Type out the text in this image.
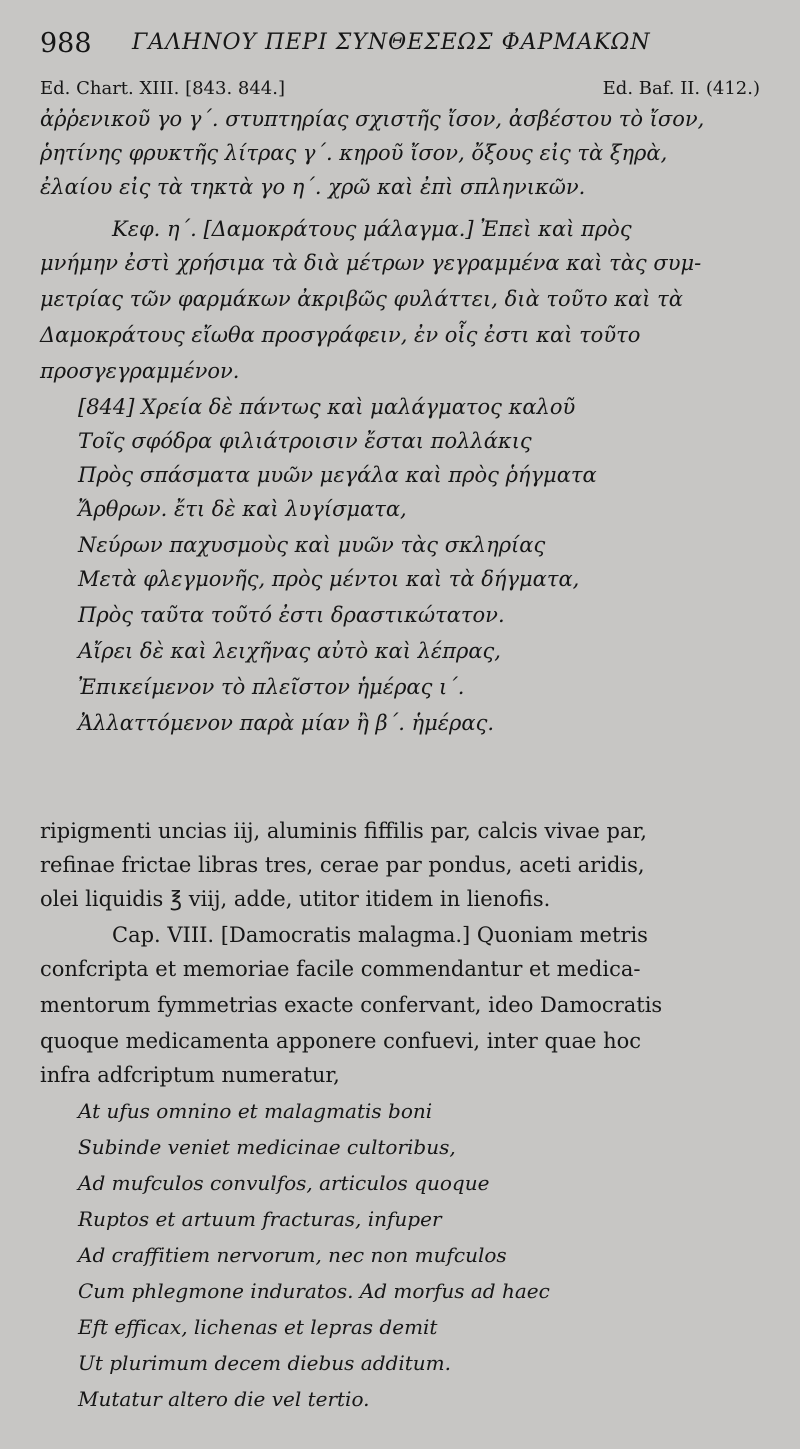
988 ΓΑΛΗΝΟΥ ΠΕΡΙ ΣΥΝΘΕΣΕΩΣ ΦΑΡΜΑΚΩΝ
Ed. Chart. XIII. [843. 844.]	Ed. Baf. II. (412.)
ἀῤῥενικοῦ γο γ΄. στυπτηρίας σχιστῆς ἴσον, ἀσβέστου τὸ ἴσον,
ῥητίνης φρυκτῆς λίτρας γ΄. κηροῦ ἴσον, ὄξους εἰς τὰ ξηρὰ,
ἐλαίου εἰς τὰ τηκτὰ γο η΄. χρῶ καὶ ἐπὶ σπληνικῶν.
Κεφ. η΄. [Δαμοκράτους μάλαγμα.] Ἐπεὶ καὶ πρὸς
μνήμην ἐστὶ χρήσιμα τὰ διὰ μέτρων γεγραμμένα καὶ τὰς συμ-
μετρίας τῶν φαρμάκων ἀκριβῶς φυλάττει, διὰ τοῦτο καὶ τὰ
Δαμοκράτους εἴωθα προσγράφειν, ἐν οἷς ἐστι καὶ τοῦτο
προσγεγραμμένον.
[844] Χρεία δὲ πάντως καὶ μαλάγματος καλοῦ
Τοῖς σφόδρα φιλιάτροισιν ἔσται πολλάκις
Πρὸς σπάσματα μυῶν μεγάλα καὶ πρὸς ῥήγματα
Ἄρθρων. ἔτι δὲ καὶ λυγίσματα,
Νεύρων παχυσμοὺς καὶ μυῶν τὰς σκληρίας
Μετὰ φλεγμονῆς, πρὸς μέντοι καὶ τὰ δήγματα,
Πρὸς ταῦτα τοῦτό ἐστι δραστικώτατον.
Αἴρει δὲ καὶ λειχῆνας αὐτὸ καὶ λέπρας,
Ἐπικείμενον τὸ πλεῖστον ἡμέρας ι΄.
Ἀλλαττόμενον παρὰ μίαν ἢ β΄. ἡμέρας.
ripigmenti uncias iij, aluminis fiffilis par, calcis vivae par,
refinae frictae libras tres, cerae par pondus, aceti aridis,
olei liquidis ℥ viij, adde, utitor itidem in lienofis.
Cap. VIII. [Damocratis malagma.] Quoniam metris
confcripta et memoriae facile commendantur et medica-
mentorum fymmetrias exacte confervant, ideo Damocratis
quoque medicamenta apponere confuevi, inter quae hoc
infra adfcriptum numeratur,
At ufus omnino et malagmatis boni
Subinde veniet medicinae cultoribus,
Ad mufculos convulfos, articulos quoque
Ruptos et artuum fracturas, infuper
Ad craffitiem nervorum, nec non mufculos
Cum phlegmone induratos. Ad morfus ad haec
Eft efficax, lichenas et lepras demit
Ut plurimum decem diebus additum.
Mutatur altero die vel tertio.
